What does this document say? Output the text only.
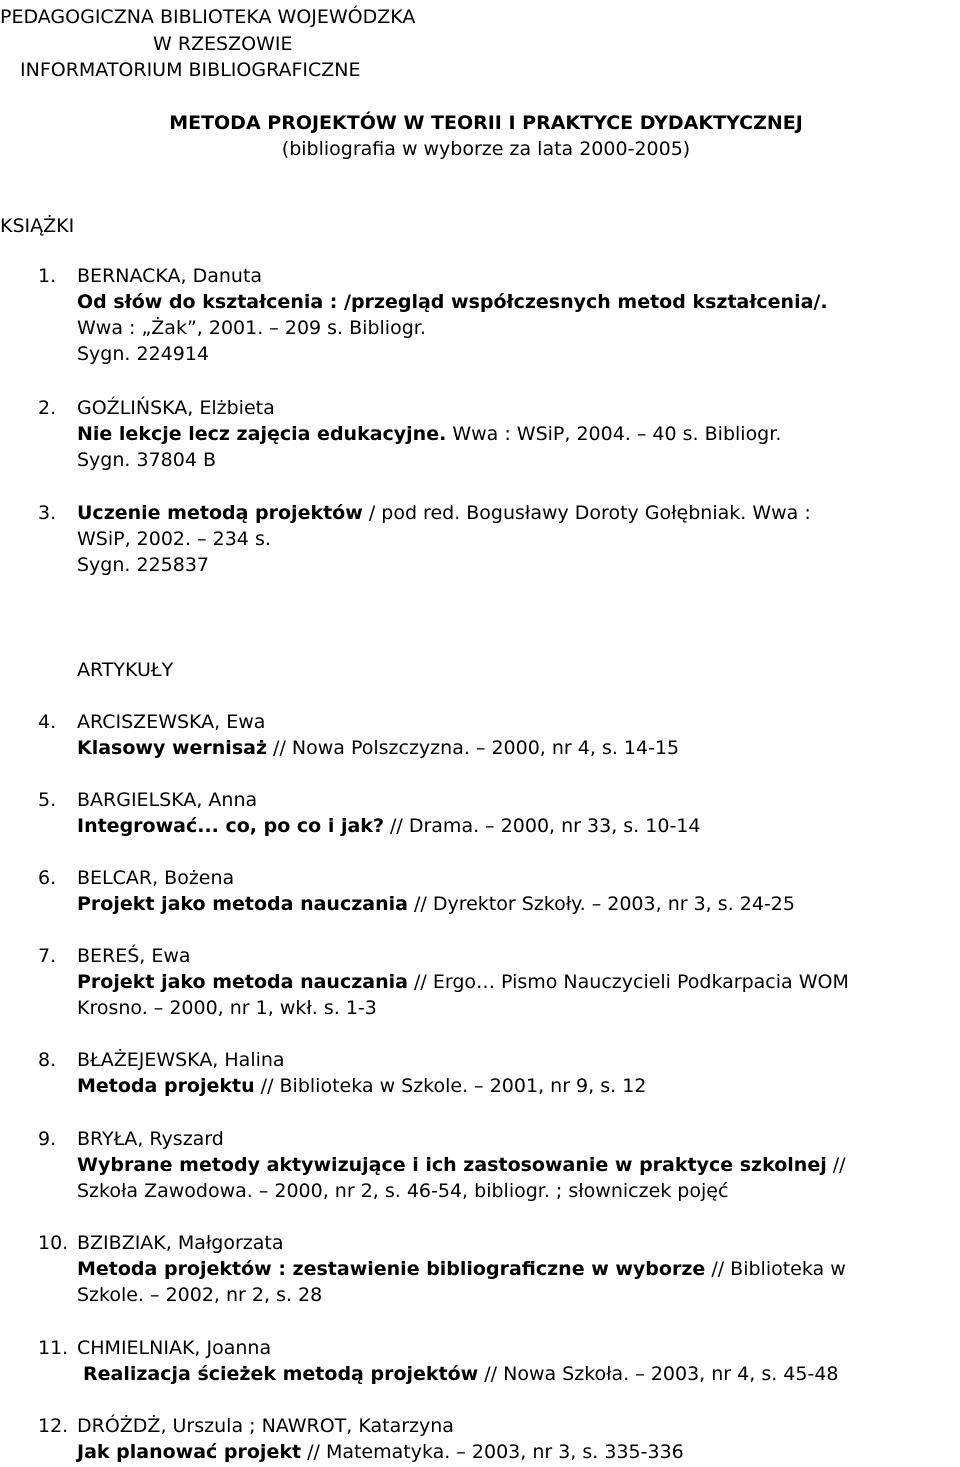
PEDAGOGICZNA BIBLIOTEKA WOJEWÓDZKA
W RZESZOWIE
INFORMATORIUM BIBLIOGRAFICZNE
METODA PROJEKTÓW W TEORII I PRAKTYCE DYDAKTYCZNEJ
(bibliografia w wyborze za lata 2000-2005)
KSIĄŻKI
1. BERNACKA, Danuta
Od słów do kształcenia : /przegląd współczesnych metod kształcenia/.
Wwa : „Żak”, 2001. – 209 s. Bibliogr.
Sygn. 224914
2. GOŹLIŃSKA, Elżbieta
Nie lekcje lecz zajęcia edukacyjne. Wwa : WSiP, 2004. – 40 s. Bibliogr.
Sygn. 37804 B
3. Uczenie metodą projektów / pod red. Bogusławy Doroty Gołębniak. Wwa :
WSiP, 2002. – 234 s.
Sygn. 225837
ARTYKUŁY
4. ARCISZEWSKA, Ewa
Klasowy wernisaż // Nowa Polszczyzna. – 2000, nr 4, s. 14-15
5. BARGIELSKA, Anna
Integrować... co, po co i jak? // Drama. – 2000, nr 33, s. 10-14
6. BELCAR, Bożena
Projekt jako metoda nauczania // Dyrektor Szkoły. – 2003, nr 3, s. 24-25
7. BEREŚ, Ewa
Projekt jako metoda nauczania // Ergo… Pismo Nauczycieli Podkarpacia WOM
Krosno. – 2000, nr 1, wkł. s. 1-3
8. BŁAŻEJEWSKA, Halina
Metoda projektu // Biblioteka w Szkole. – 2001, nr 9, s. 12
9. BRYŁA, Ryszard
Wybrane metody aktywizujące i ich zastosowanie w praktyce szkolnej //
Szkoła Zawodowa. – 2000, nr 2, s. 46-54, bibliogr. ; słowniczek pojęć
10. BZIBZIAK, Małgorzata
Metoda projektów : zestawienie bibliograficzne w wyborze // Biblioteka w
Szkole. – 2002, nr 2, s. 28
11. CHMIELNIAK, Joanna
Realizacja ścieżek metodą projektów // Nowa Szkoła. – 2003, nr 4, s. 45-48
12. DRÓŻDŻ, Urszula ; NAWROT, Katarzyna
Jak planować projekt // Matematyka. – 2003, nr 3, s. 335-336
